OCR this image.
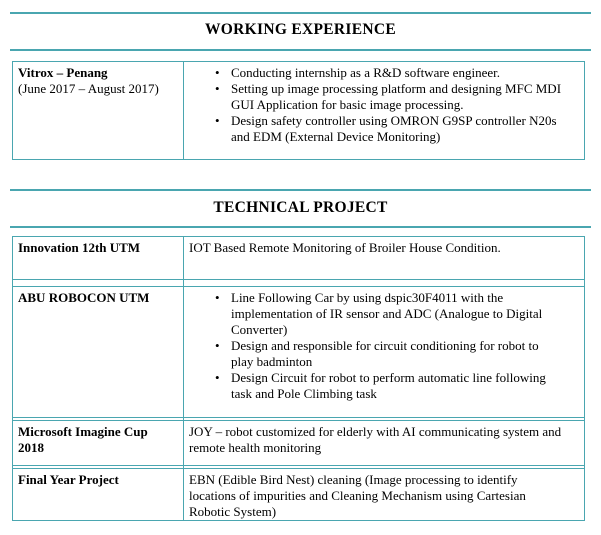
WORKING EXPERIENCE
Vitrox – Penang
(June 2017 – August 2017)
• Conducting internship as a R&D software engineer.
• Setting up image processing platform and designing MFC MDI GUI Application for basic image processing.
• Design safety controller using OMRON G9SP controller N20s and EDM (External Device Monitoring)
TECHNICAL PROJECT
Innovation 12th UTM	IOT Based Remote Monitoring of Broiler House Condition.
ABU ROBOCON UTM
•	Line Following Car by using dspic30F4011 with the implementation of IR sensor and ADC (Analogue to Digital Converter)
• Design and responsible for circuit conditioning for robot to play badminton
• Design Circuit for robot to perform automatic line following task and Pole Climbing task
Microsoft Imagine Cup 2018
JOY – robot customized for elderly with AI communicating system and remote health monitoring
Final Year Project	EBN (Edible Bird Nest) cleaning (Image processing to identify locations of impurities and Cleaning Mechanism using Cartesian Robotic System)
